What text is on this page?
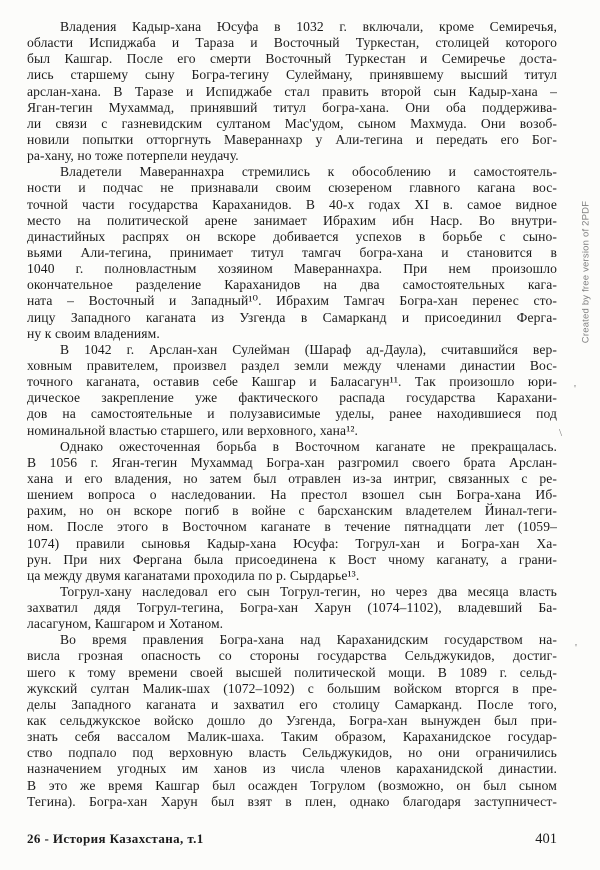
Владения Кадыр-хана Юсуфа в 1032 г. включали, кроме Семиречья,
области Испиджаба и Тараза и Восточный Туркестан, столицей которого
был Кашгар. После его смерти Восточный Туркестан и Семиречье доста-
лись старшему сыну Богра-тегину Сулейману, принявшему высший титул
арслан-хана. В Таразе и Испиджабе стал править второй сын Кадыр-хана –
Яган-тегин Мухаммад, принявший титул богра-хана. Они оба поддержива-
ли связи с газневидским султаном Мас'удом, сыном Махмуда. Они возоб-
новили попытки отторгнуть Мавераннахр у Али-тегина и передать его Бог-
ра-хану, но тоже потерпели неудачу.
Владетели Мавераннахра стремились к обособлению и самостоятель-
ности и подчас не признавали своим сюзереном главного кагана вос-
точной части государства Караханидов. В 40-х годах XI в. самое видное
место на политической арене занимает Ибрахим ибн Наср. Во внутри-
династийных распрях он вскоре добивается успехов в борьбе с сыно-
вьями Али-тегина, принимает титул тамгач богра-хана и становится в
1040 г. полновластным хозяином Мавераннахра. При нем произошло
окончательное разделение Караханидов на два самостоятельных кага-
ната – Восточный и Западный¹⁰. Ибрахим Тамгач Богра-хан перенес сто-
лицу Западного каганата из Узгенда в Самарканд и присоединил Ферга-
ну к своим владениям.
В 1042 г. Арслан-хан Сулейман (Шараф ад-Даула), считавшийся вер-
ховным правителем, произвел раздел земли между членами династии Вос-
точного каганата, оставив себе Кашгар и Баласагун¹¹. Так произошло юри-
дическое закрепление уже фактического распада государства Карахани-
дов на самостоятельные и полузависимые уделы, ранее находившиеся под
номинальной властью старшего, или верховного, хана¹².
Однако ожесточенная борьба в Восточном каганате не прекращалась.
В 1056 г. Яган-тегин Мухаммад Богра-хан разгромил своего брата Арслан-
хана и его владения, но затем был отравлен из-за интриг, связанных с ре-
шением вопроса о наследовании. На престол взошел сын Богра-хана Иб-
рахим, но он вскоре погиб в войне с барсханским владетелем Йинал-теги-
ном. После этого в Восточном каганате в течение пятнадцати лет (1059–
1074) правили сыновья Кадыр-хана Юсуфа: Тогрул-хан и Богра-хан Ха-
рун. При них Фергана была присоединена к Вост чному каганату, а грани-
ца между двумя каганатами проходила по р. Сырдарье¹³.
Тогрул-хану наследовал его сын Тогрул-тегин, но через два месяца власть
захватил дядя Тогрул-тегина, Богра-хан Харун (1074–1102), владевший Ба-
ласагуном, Кашгаром и Хотаном.
Во время правления Богра-хана над Караханидским государством на-
висла грозная опасность со стороны государства Сельджукидов, достиг-
шего к тому времени своей высшей политической мощи. В 1089 г. сельд-
жукский султан Малик-шах (1072–1092) с большим войском вторгся в пре-
делы Западного каганата и захватил его столицу Самарканд. После того,
как сельджукское войско дошло до Узгенда, Богра-хан вынужден был при-
знать себя вассалом Малик-шаха. Таким образом, Караханидское государ-
ство подпало под верховную власть Сельджукидов, но они ограничились
назначением угодных им ханов из числа членов караханидской династии.
В это же время Кашгар был осажден Тогрулом (возможно, он был сыном
Тегина). Богра-хан Харун был взят в плен, однако благодаря заступничест-
26 - История Казахстана, т.1	401
Created by free version of 2PDF
'
\
'
